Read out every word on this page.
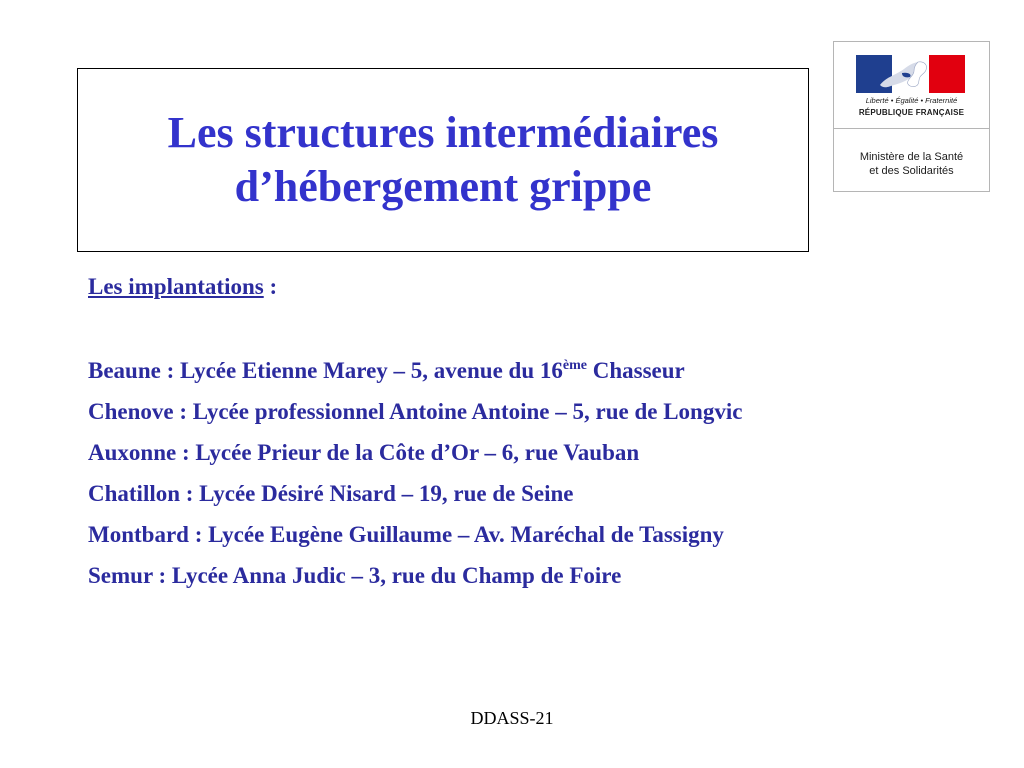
Les structures intermédiaires
d’hébergement grippe
Liberté • Égalité • Fraternité
RÉPUBLIQUE FRANÇAISE
Ministère de la Santé
et des Solidarités
Les implantations :
Beaune : Lycée Etienne Marey – 5, avenue du 16ème Chasseur
Chenove : Lycée professionnel Antoine Antoine – 5, rue de Longvic
Auxonne : Lycée Prieur de la Côte d’Or – 6, rue Vauban
Chatillon : Lycée Désiré Nisard – 19, rue de Seine
Montbard : Lycée Eugène Guillaume – Av. Maréchal de Tassigny
Semur : Lycée Anna Judic – 3, rue du Champ de Foire
DDASS-21
